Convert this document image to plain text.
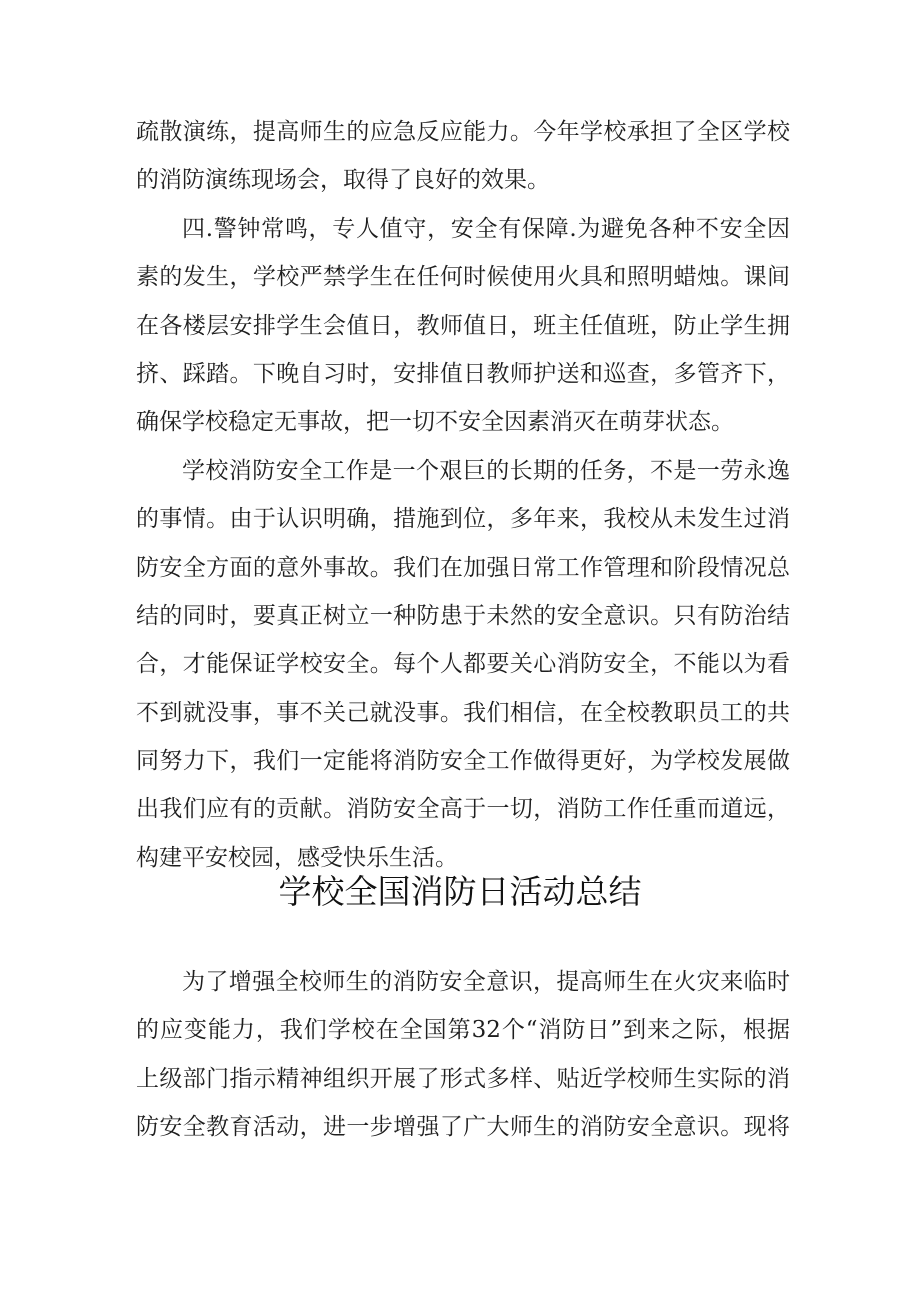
疏散演练，提高师生的应急反应能力。今年学校承担了全区学校
的消防演练现场会，取得了良好的效果。
四.警钟常鸣，专人值守，安全有保障.为避免各种不安全因
素的发生，学校严禁学生在任何时候使用火具和照明蜡烛。课间
在各楼层安排学生会值日，教师值日，班主任值班，防止学生拥
挤、踩踏。下晚自习时，安排值日教师护送和巡查，多管齐下，
确保学校稳定无事故，把一切不安全因素消灭在萌芽状态。
学校消防安全工作是一个艰巨的长期的任务，不是一劳永逸
的事情。由于认识明确，措施到位，多年来，我校从未发生过消
防安全方面的意外事故。我们在加强日常工作管理和阶段情况总
结的同时，要真正树立一种防患于未然的安全意识。只有防治结
合，才能保证学校安全。每个人都要关心消防安全，不能以为看
不到就没事，事不关己就没事。我们相信，在全校教职员工的共
同努力下，我们一定能将消防安全工作做得更好，为学校发展做
出我们应有的贡献。消防安全高于一切，消防工作任重而道远，
构建平安校园，感受快乐生活。
学校全国消防日活动总结
为了增强全校师生的消防安全意识，提高师生在火灾来临时
的应变能力，我们学校在全国第32个“消防日”到来之际，根据
上级部门指示精神组织开展了形式多样、贴近学校师生实际的消
防安全教育活动，进一步增强了广大师生的消防安全意识。现将
